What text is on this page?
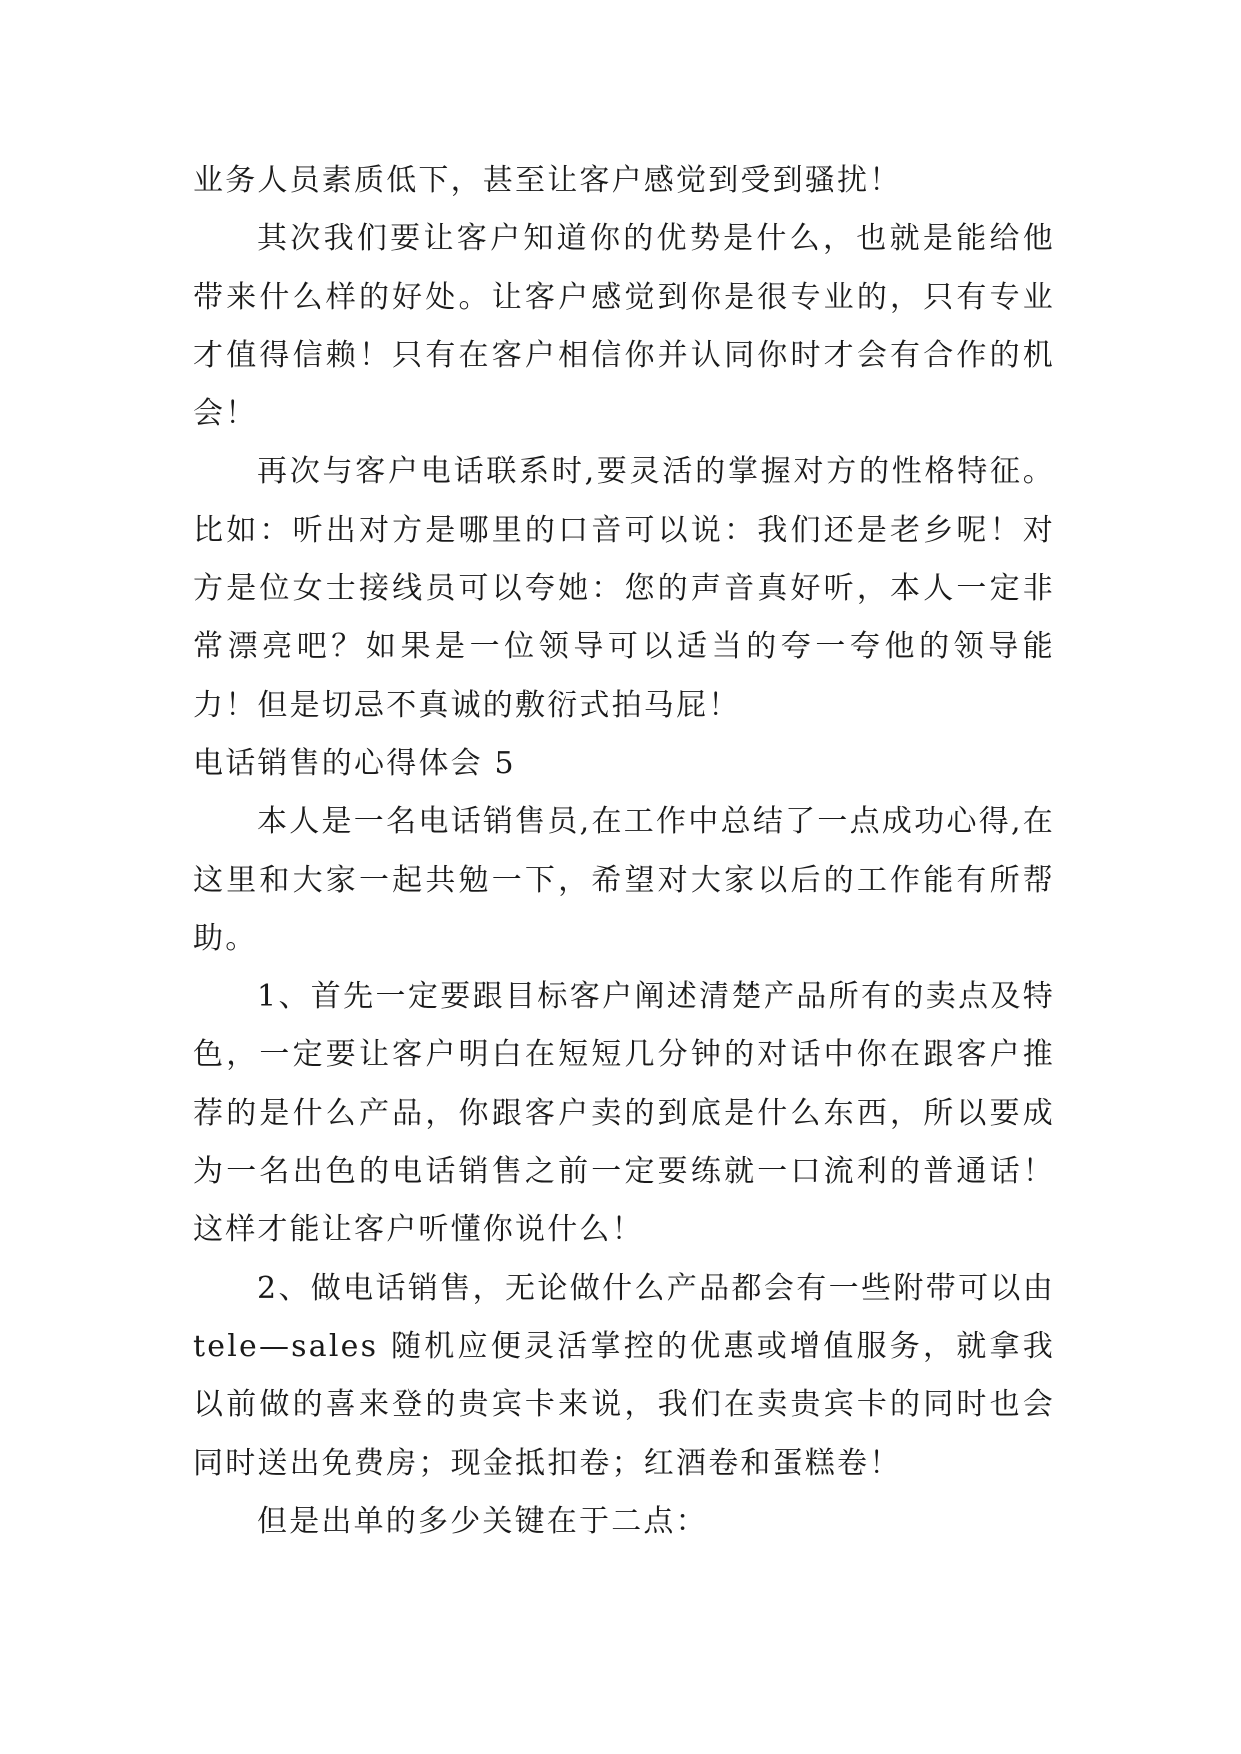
业务人员素质低下，甚至让客户感觉到受到骚扰！

其次我们要让客户知道你的优势是什么，也就是能给他带来什么样的好处。让客户感觉到你是很专业的，只有专业才值得信赖！只有在客户相信你并认同你时才会有合作的机会！

再次与客户电话联系时,要灵活的掌握对方的性格特征。比如：听出对方是哪里的口音可以说：我们还是老乡呢！对方是位女士接线员可以夸她：您的声音真好听，本人一定非常漂亮吧？如果是一位领导可以适当的夸一夸他的领导能力！但是切忌不真诚的敷衍式拍马屁！

电话销售的心得体会 5

本人是一名电话销售员,在工作中总结了一点成功心得,在这里和大家一起共勉一下，希望对大家以后的工作能有所帮助。

1、首先一定要跟目标客户阐述清楚产品所有的卖点及特色，一定要让客户明白在短短几分钟的对话中你在跟客户推荐的是什么产品，你跟客户卖的到底是什么东西，所以要成为一名出色的电话销售之前一定要练就一口流利的普通话！这样才能让客户听懂你说什么！

2、做电话销售，无论做什么产品都会有一些附带可以由 tele—sales 随机应便灵活掌控的优惠或增值服务，就拿我以前做的喜来登的贵宾卡来说，我们在卖贵宾卡的同时也会同时送出免费房；现金抵扣卷；红酒卷和蛋糕卷！

但是出单的多少关键在于二点：
